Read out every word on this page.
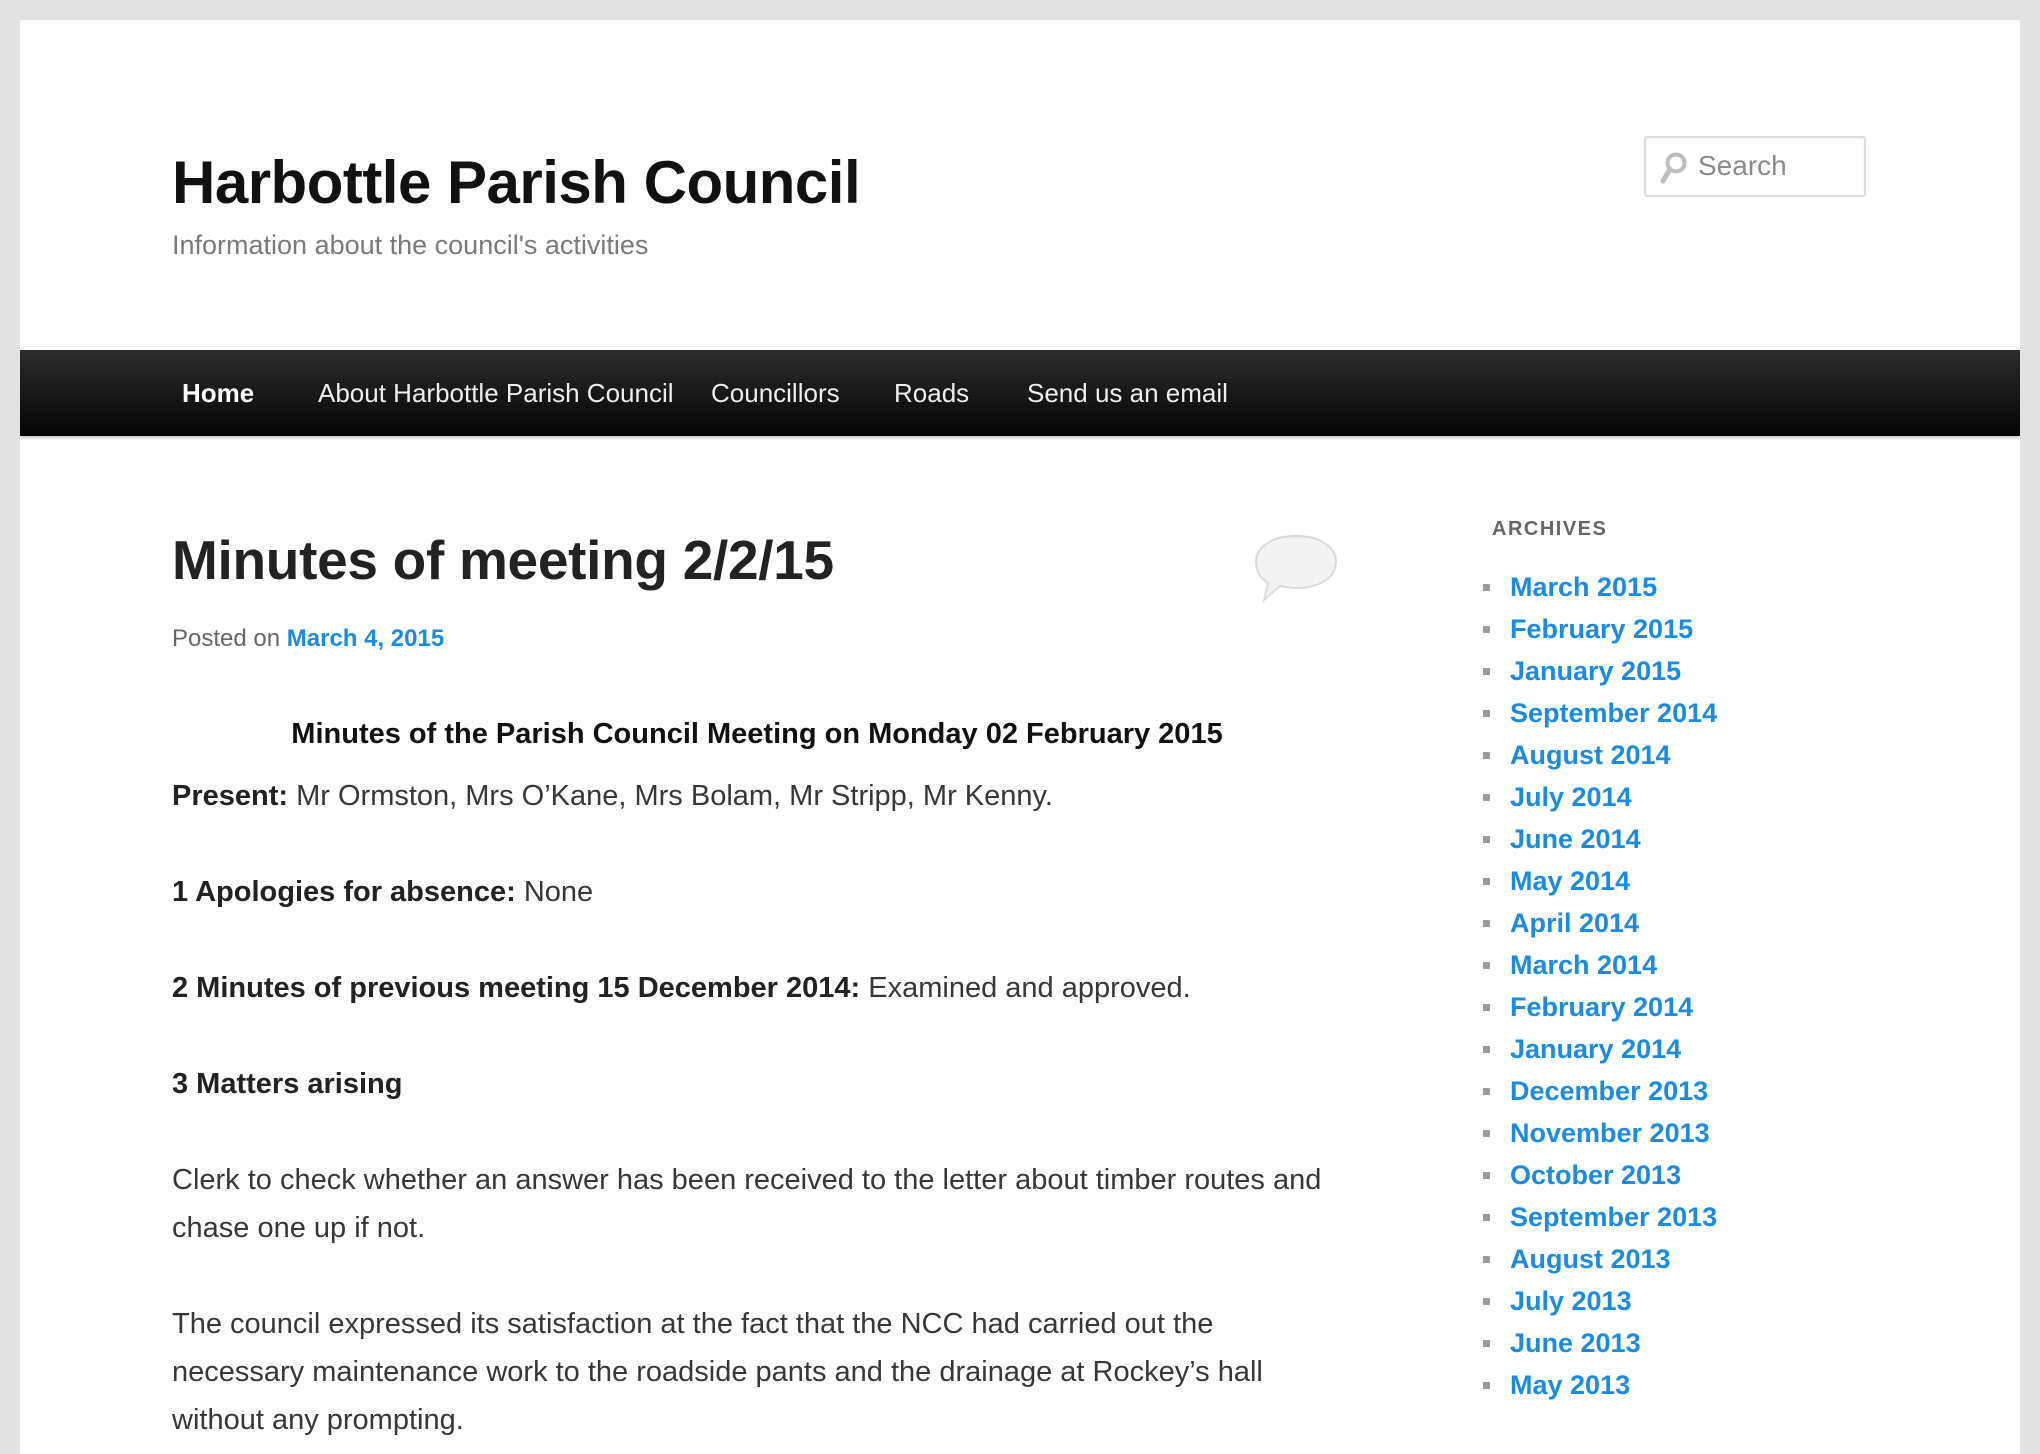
Harbottle Parish Council
Information about the council's activities
Search
Home About Harbottle Parish Council Councillors Roads Send us an email
Minutes of meeting 2/2/15
Posted on March 4, 2015
Minutes of the Parish Council Meeting on Monday 02 February 2015

Present: Mr Ormston, Mrs O’Kane, Mrs Bolam, Mr Stripp, Mr Kenny.

1 Apologies for absence: None

2 Minutes of previous meeting 15 December 2014: Examined and approved.

3 Matters arising

Clerk to check whether an answer has been received to the letter about timber routes and chase one up if not.

The council expressed its satisfaction at the fact that the NCC had carried out the necessary maintenance work to the roadside pants and the drainage at Rockey’s hall without any prompting.

ARCHIVES
March 2015
February 2015
January 2015
September 2014
August 2014
July 2014
June 2014
May 2014
April 2014
March 2014
February 2014
January 2014
December 2013
November 2013
October 2013
September 2013
August 2013
July 2013
June 2013
May 2013
